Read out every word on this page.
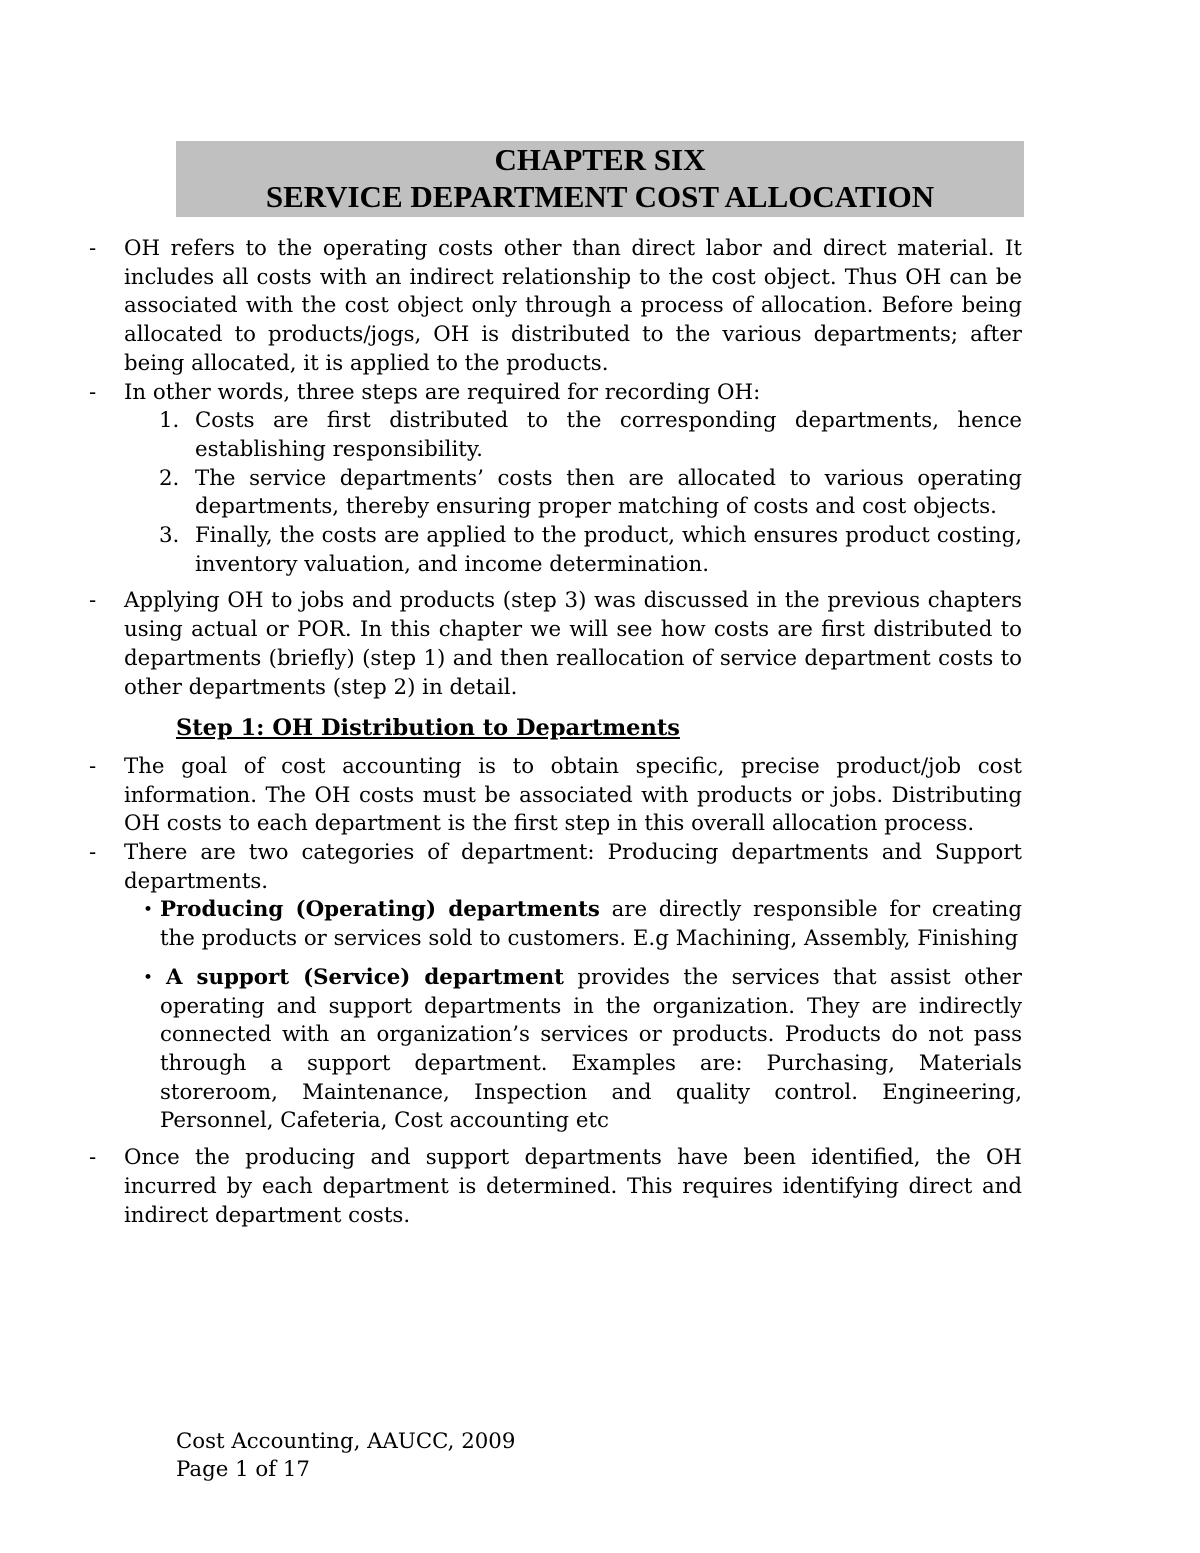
CHAPTER SIX
SERVICE DEPARTMENT COST ALLOCATION
- OH refers to the operating costs other than direct labor and direct material. It includes all costs with an indirect relationship to the cost object. Thus OH can be associated with the cost object only through a process of allocation. Before being allocated to products/jogs, OH is distributed to the various departments; after being allocated, it is applied to the products.
- In other words, three steps are required for recording OH:
1. Costs are first distributed to the corresponding departments, hence establishing responsibility.
2. The service departments’ costs then are allocated to various operating departments, thereby ensuring proper matching of costs and cost objects.
3. Finally, the costs are applied to the product, which ensures product costing, inventory valuation, and income determination.
- Applying OH to jobs and products (step 3) was discussed in the previous chapters using actual or POR. In this chapter we will see how costs are first distributed to departments (briefly) (step 1) and then reallocation of service department costs to other departments (step 2) in detail.
Step 1: OH Distribution to Departments
- The goal of cost accounting is to obtain specific, precise product/job cost information. The OH costs must be associated with products or jobs. Distributing OH costs to each department is the first step in this overall allocation process.
- There are two categories of department: Producing departments and Support departments.
• Producing (Operating) departments are directly responsible for creating the products or services sold to customers. E.g Machining, Assembly, Finishing
• A support (Service) department provides the services that assist other operating and support departments in the organization. They are indirectly connected with an organization’s services or products. Products do not pass through a support department. Examples are: Purchasing, Materials storeroom, Maintenance, Inspection and quality control. Engineering, Personnel, Cafeteria, Cost accounting etc
- Once the producing and support departments have been identified, the OH incurred by each department is determined. This requires identifying direct and indirect department costs.
Cost Accounting, AAUCC, 2009
Page 1 of 17
